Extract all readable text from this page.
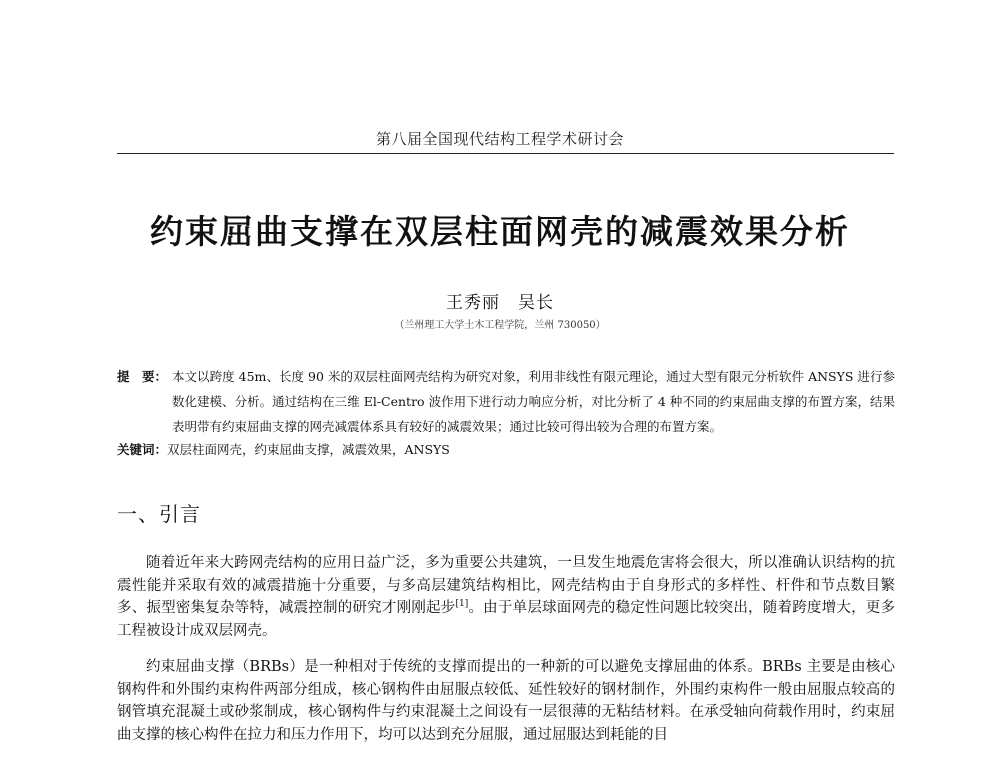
第八届全国现代结构工程学术研讨会
约束屈曲支撑在双层柱面网壳的减震效果分析
王秀丽 吴长
（兰州理工大学土木工程学院，兰州 730050）
提　要： 本文以跨度 45m、长度 90 米的双层柱面网壳结构为研究对象，利用非线性有限元理论，通过大型有限元分析软件 ANSYS 进行参数化建模、分析。通过结构在三维 El-Centro 波作用下进行动力响应分析，对比分析了 4 种不同的约束屈曲支撑的布置方案，结果表明带有约束屈曲支撑的网壳减震体系具有较好的减震效果；通过比较可得出较为合理的布置方案。
关键词：双层柱面网壳，约束屈曲支撑，减震效果，ANSYS
一、引言
随着近年来大跨网壳结构的应用日益广泛，多为重要公共建筑，一旦发生地震危害将会很大，所以准确认识结构的抗震性能并采取有效的减震措施十分重要，与多高层建筑结构相比，网壳结构由于自身形式的多样性、杆件和节点数目繁多、振型密集复杂等特，减震控制的研究才刚刚起步[1]。由于单层球面网壳的稳定性问题比较突出，随着跨度增大，更多工程被设计成双层网壳。
约束屈曲支撑（BRBs）是一种相对于传统的支撑而提出的一种新的可以避免支撑屈曲的体系。BRBs 主要是由核心钢构件和外围约束构件两部分组成，核心钢构件由屈服点较低、延性较好的钢材制作，外围约束构件一般由屈服点较高的钢管填充混凝土或砂浆制成，核心钢构件与约束混凝土之间设有一层很薄的无粘结材料。在承受轴向荷载作用时，约束屈曲支撑的核心构件在拉力和压力作用下，均可以达到充分屈服，通过屈服达到耗能的目
